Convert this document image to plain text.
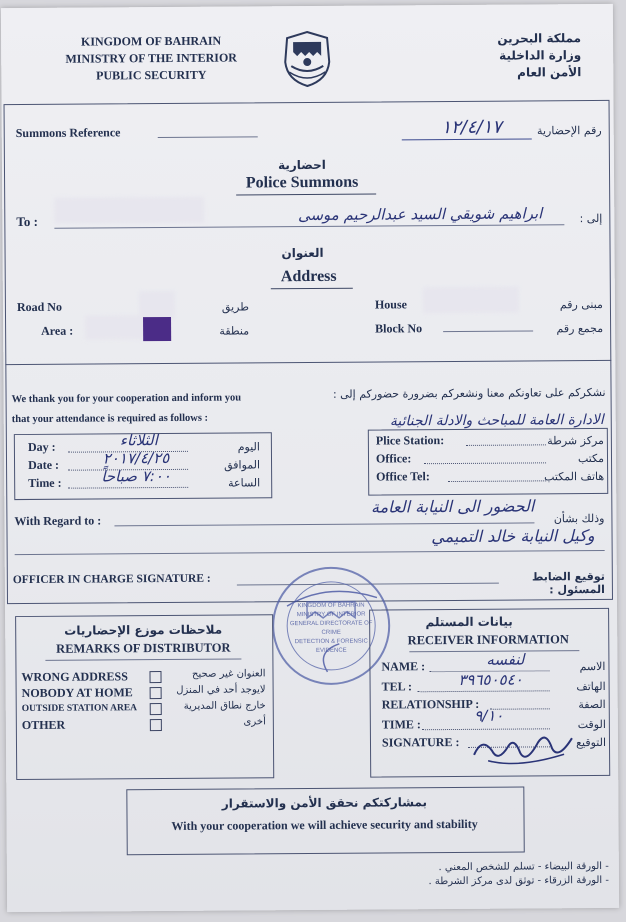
KINGDOM OF BAHRAIN
MINISTRY OF THE INTERIOR
PUBLIC SECURITY
مملكة البحرين
وزارة الداخلية
الأمن العام
Summons Reference	١٢/٤/١٧	رقم الإحضارية
احضارية
Police Summons
To :	ابراهيم شويقي السيد عبدالرحيم موسى	إلى :
العنوان
Address
Road No	طريق
Area :	منطقة
House	مبنى رقم
Block No	مجمع رقم
We thank you for your cooperation and inform you
that your attendance is required as follows :
نشكركم على تعاونكم معنا ونشعركم بضرورة حضوركم إلى :
الادارة العامة للمباحث والادلة الجنائية
Day :	الثلاثاء	اليوم
Date :	٢٠١٧/٤/٢٥	الموافق
Time :	٧:٠٠ صباحاً	الساعة
Plice Station:	مركز شرطة
Office:	مكتب
Office Tel:	هاتف المكتب
With Regard to :
الحضور الى النيابة العامة
وذلك بشأن
وكيل النيابة خالد التميمي
OFFICER IN CHARGE SIGNATURE :	توقيع الضابط المسئول :
KINGDOM OF BAHRAIN
MINISTRY OF INTERIOR
GENERAL DIRECTORATE OF CRIME
DETECTION & FORENSIC EVIDENCE
ملاحظات موزع الإحضاريات
REMARKS OF DISTRIBUTOR
WRONG ADDRESS	العنوان غير صحيح
NOBODY AT HOME	لايوجد أحد في المنزل
OUTSIDE STATION AREA	خارج نطاق المديرية
OTHER	أخرى
بيانات المستلم
RECEIVER INFORMATION
NAME :	لنفسه	الاسم
TEL :	٣٩٦٥٠٥٤٠	الهاتف
RELATIONSHIP :	الصفة
TIME :	٩/١٠	الوقت
SIGNATURE :	التوقيع
بمشاركتكم نحقق الأمن والاستقرار
With your cooperation we will achieve security and stability
- الورقة البيضاء - تسلم للشخص المعني .
- الورقة الزرقاء - توثق لدى مركز الشرطة .
